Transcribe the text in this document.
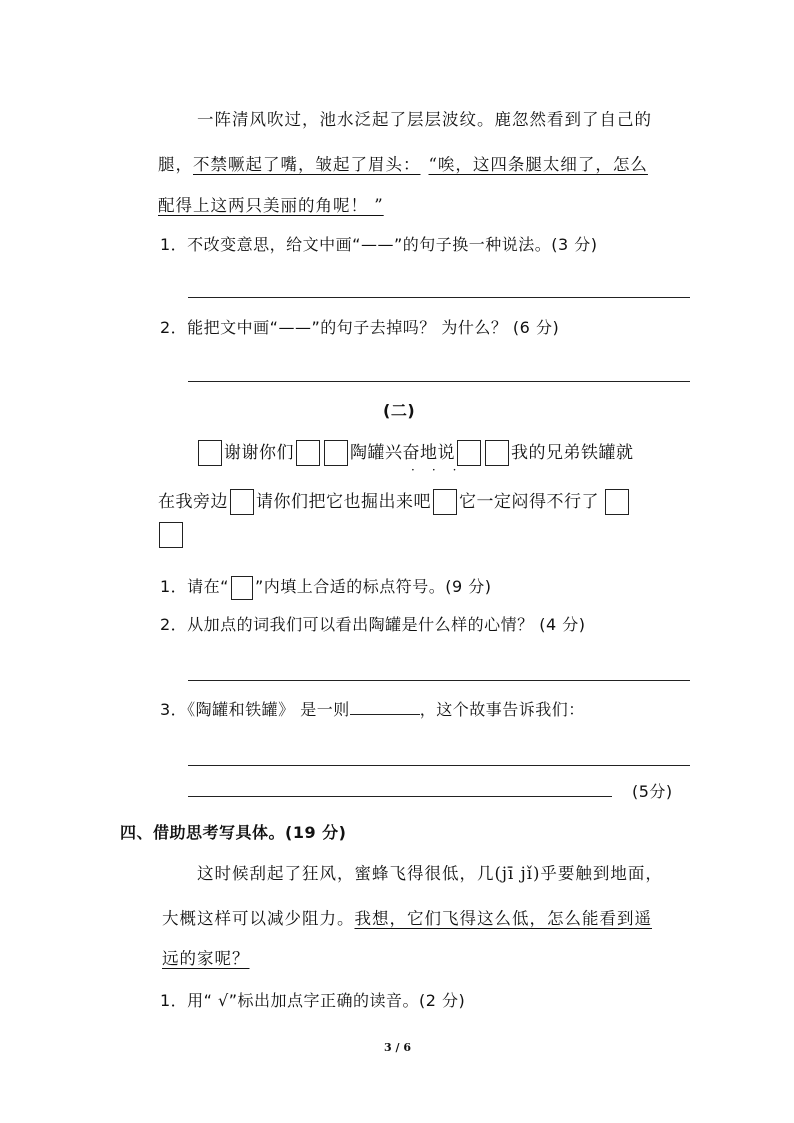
一阵清风吹过，池水泛起了层层波纹。鹿忽然看到了自己的
腿，不禁噘起了嘴，皱起了眉头： “唉，这四条腿太细了，怎么
配得上这两只美丽的角呢！ ”
1．不改变意思，给文中画“——”的句子换一种说法。(3 分)
2．能把文中画“——”的句子去掉吗？ 为什么？ (6 分)
(二)
谢谢你们	陶罐兴奋地说	我的兄弟铁罐就
···
在我旁边 请你们把它也掘出来吧 它一定闷得不行了
1．请在“ ”内填上合适的标点符号。(9 分)
2．从加点的词我们可以看出陶罐是什么样的心情？ (4 分)
3．《陶罐和铁罐》 是一则	，这个故事告诉我们：
(5分)
四、借助思考写具体。(19 分)
这时候刮起了狂风，蜜蜂飞得很低，几(jī jǐ)乎要触到地面，
大概这样可以减少阻力。我想，它们飞得这么低，怎么能看到遥
远的家呢？
1．用“ √”标出加点字正确的读音。(2 分)
3 / 6
